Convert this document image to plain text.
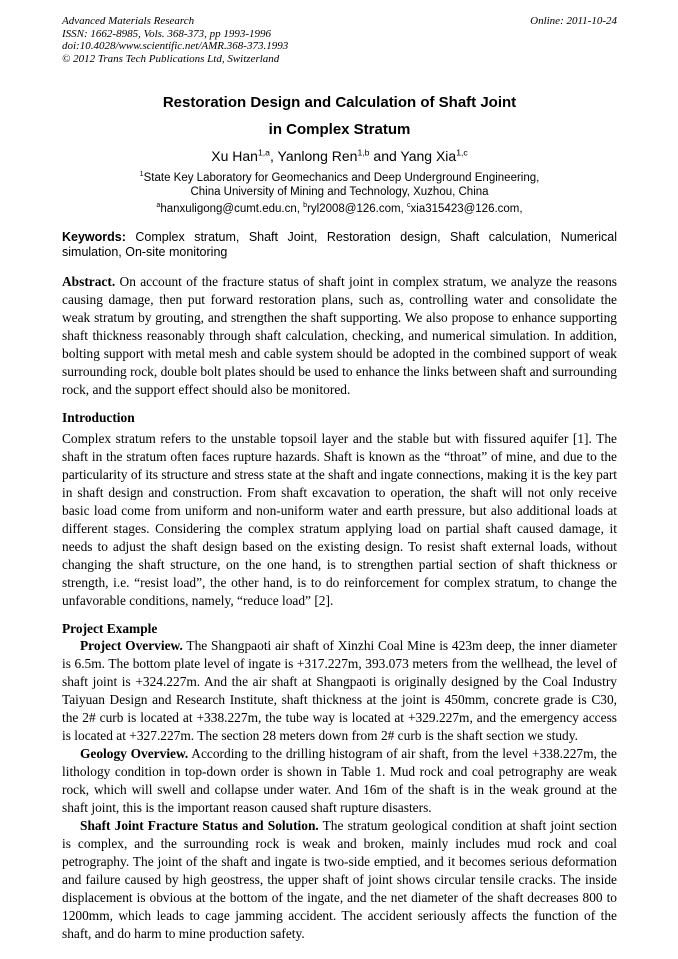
Advanced Materials Research	Online: 2011-10-24
ISSN: 1662-8985, Vols. 368-373, pp 1993-1996
doi:10.4028/www.scientific.net/AMR.368-373.1993
© 2012 Trans Tech Publications Ltd, Switzerland
Restoration Design and Calculation of Shaft Joint
in Complex Stratum
Xu Han$^{1,a}$, Yanlong Ren$^{1,b}$ and Yang Xia$^{1,c}$
$^1$State Key Laboratory for Geomechanics and Deep Underground Engineering,
China University of Mining and Technology, Xuzhou, China
$^a$hanxuligong@cumt.edu.cn, $^b$ryl2008@126.com, $^c$xia315423@126.com,

Keywords: Complex stratum, Shaft Joint, Restoration design, Shaft calculation, Numerical simulation, On-site monitoring

Abstract. On account of the fracture status of shaft joint in complex stratum, we analyze the reasons causing damage, then put forward restoration plans, such as, controlling water and consolidate the weak stratum by grouting, and strengthen the shaft supporting. We also propose to enhance supporting shaft thickness reasonably through shaft calculation, checking, and numerical simulation. In addition, bolting support with metal mesh and cable system should be adopted in the combined support of weak surrounding rock, double bolt plates should be used to enhance the links between shaft and surrounding rock, and the support effect should also be monitored.

Introduction

Complex stratum refers to the unstable topsoil layer and the stable but with fissured aquifer [1]. The shaft in the stratum often faces rupture hazards. Shaft is known as the “throat” of mine, and due to the particularity of its structure and stress state at the shaft and ingate connections, making it is the key part in shaft design and construction. From shaft excavation to operation, the shaft will not only receive basic load come from uniform and non-uniform water and earth pressure, but also additional loads at different stages. Considering the complex stratum applying load on partial shaft caused damage, it needs to adjust the shaft design based on the existing design. To resist shaft external loads, without changing the shaft structure, on the one hand, is to strengthen partial section of shaft thickness or strength, i.e. “resist load”, the other hand, is to do reinforcement for complex stratum, to change the unfavorable conditions, namely, “reduce load” [2].

Project Example

Project Overview. The Shangpaoti air shaft of Xinzhi Coal Mine is 423m deep, the inner diameter is 6.5m. The bottom plate level of ingate is +317.227m, 393.073 meters from the wellhead, the level of shaft joint is +324.227m. And the air shaft at Shangpaoti is originally designed by the Coal Industry Taiyuan Design and Research Institute, shaft thickness at the joint is 450mm, concrete grade is C30, the 2# curb is located at +338.227m, the tube way is located at +329.227m, and the emergency access is located at +327.227m. The section 28 meters down from 2# curb is the shaft section we study.

Geology Overview. According to the drilling histogram of air shaft, from the level +338.227m, the lithology condition in top-down order is shown in Table 1. Mud rock and coal petrography are weak rock, which will swell and collapse under water. And 16m of the shaft is in the weak ground at the shaft joint, this is the important reason caused shaft rupture disasters.

Shaft Joint Fracture Status and Solution. The stratum geological condition at shaft joint section is complex, and the surrounding rock is weak and broken, mainly includes mud rock and coal petrography. The joint of the shaft and ingate is two-side emptied, and it becomes serious deformation and failure caused by high geostress, the upper shaft of joint shows circular tensile cracks. The inside displacement is obvious at the bottom of the ingate, and the net diameter of the shaft decreases 800 to 1200mm, which leads to cage jamming accident. The accident seriously affects the function of the shaft, and do harm to mine production safety.
